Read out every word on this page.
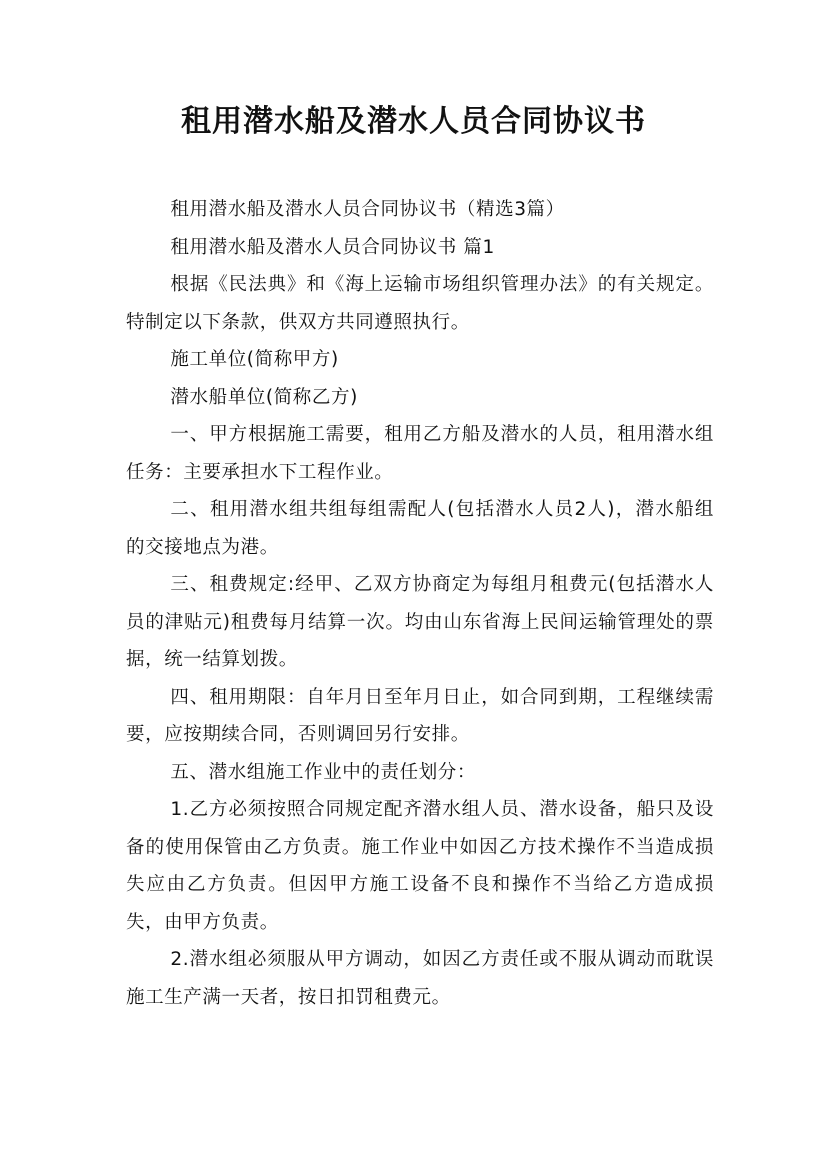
租用潜水船及潜水人员合同协议书

租用潜水船及潜水人员合同协议书（精选3篇）

租用潜水船及潜水人员合同协议书 篇1

根据《民法典》和《海上运输市场组织管理办法》的有关规定。特制定以下条款，供双方共同遵照执行。

施工单位(简称甲方)

潜水船单位(简称乙方)

一、甲方根据施工需要，租用乙方船及潜水的人员，租用潜水组任务：主要承担水下工程作业。

二、租用潜水组共组每组需配人(包括潜水人员2人)，潜水船组的交接地点为港。

三、租费规定:经甲、乙双方协商定为每组月租费元(包括潜水人员的津贴元)租费每月结算一次。均由山东省海上民间运输管理处的票据，统一结算划拨。

四、租用期限：自年月日至年月日止，如合同到期，工程继续需要，应按期续合同，否则调回另行安排。

五、潜水组施工作业中的责任划分：

1.乙方必须按照合同规定配齐潜水组人员、潜水设备，船只及设备的使用保管由乙方负责。施工作业中如因乙方技术操作不当造成损失应由乙方负责。但因甲方施工设备不良和操作不当给乙方造成损失，由甲方负责。

2.潜水组必须服从甲方调动，如因乙方责任或不服从调动而耽误施工生产满一天者，按日扣罚租费元。
